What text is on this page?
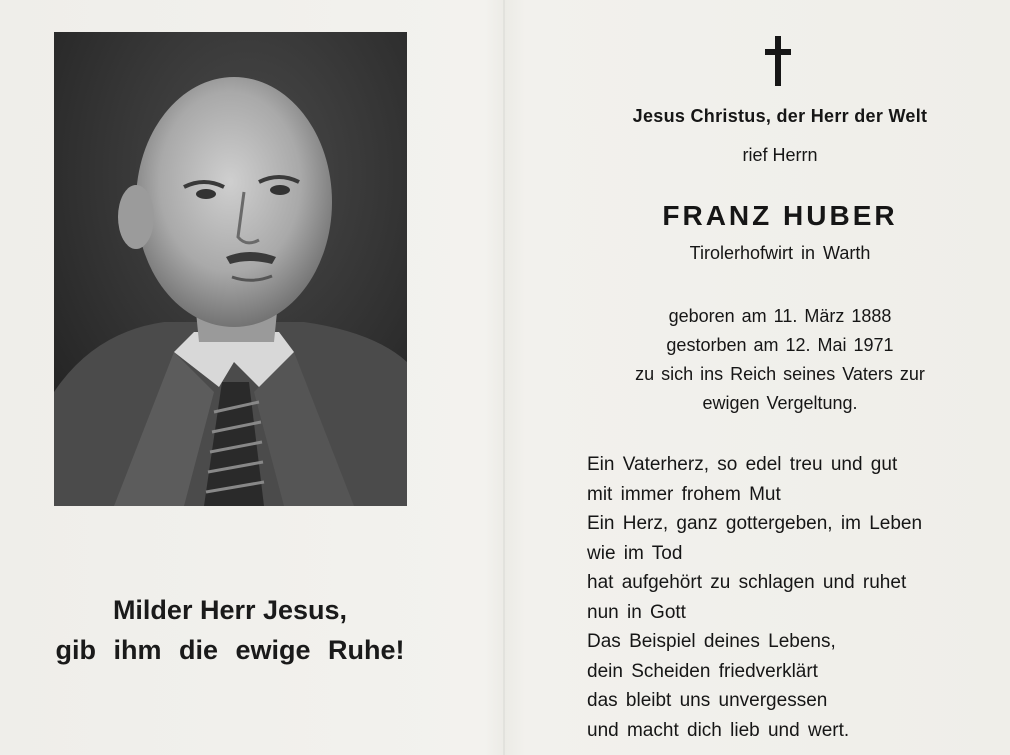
Milder Herr Jesus,
gib ihm die ewige Ruhe!
Jesus Christus, der Herr der Welt
rief Herrn
FRANZ HUBER
Tirolerhofwirt in Warth
geboren am 11. März 1888
gestorben am 12. Mai 1971
zu sich ins Reich seines Vaters zur
ewigen Vergeltung.
Ein Vaterherz, so edel treu und gut
mit immer frohem Mut
Ein Herz, ganz gottergeben, im Leben
wie im Tod
hat aufgehört zu schlagen und ruhet
nun in Gott
Das Beispiel deines Lebens,
dein Scheiden friedverklärt
das bleibt uns unvergessen
und macht dich lieb und wert.
